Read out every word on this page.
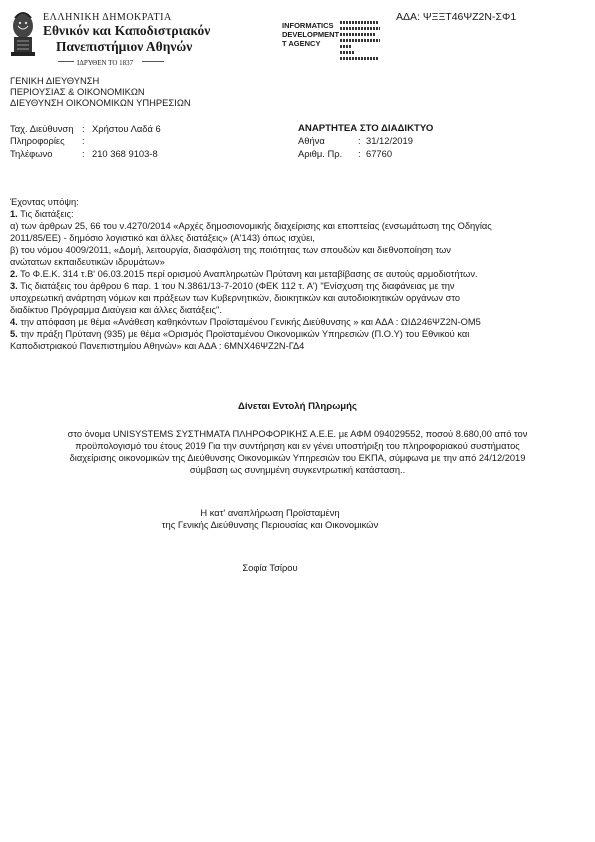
ΕΛΛΗΝΙΚΗ ΔΗΜΟΚΡΑΤΙΑ
Εθνικόν και Καποδιστριακόν
Πανεπιστήμιον Αθηνών
ΙΔΡΥΘΕΝ ΤΟ 1837
INFORMATICS
DEVELOPMENT
T AGENCY
ΑΔΑ: ΨΞΞΤ46ΨΖ2Ν-ΣΦ1
ΓΕΝΙΚΗ ΔΙΕΥΘΥΝΣΗ
ΠΕΡΙΟΥΣΙΑΣ & ΟΙΚΟΝΟΜΙΚΩΝ
ΔΙΕΥΘΥΝΣΗ ΟΙΚΟΝΟΜΙΚΩΝ ΥΠΗΡΕΣΙΩΝ
Ταχ. Διεύθυνση : Χρήστου Λαδά 6
Πληροφορίες :
Τηλέφωνο	: 210 368 9103-8
ΑΝΑΡΤΗΤΕΑ ΣΤΟ ΔΙΑΔΙΚΤΥΟ
Αθήνα	: 31/12/2019
Αριθμ. Πρ. : 67760
Έχοντας υπόψη:
1. Τις διατάξεις:
α) των άρθρων 25, 66 του ν.4270/2014 «Αρχές δημοσιονομικής διαχείρισης και εποπτείας (ενσωμάτωση της Οδηγίας
2011/85/ΕΕ) - δημόσιο λογιστικό και άλλες διατάξεις» (Α'143) όπως ισχύει,
β) του νόμου 4009/2011, «Δομή, λειτουργία, διασφάλιση της ποιότητας των σπουδών και διεθνοποίηση των
ανώτατων εκπαιδευτικών ιδρυμάτων»
2. Το Φ.Ε.Κ. 314 τ.Β' 06.03.2015 περί ορισμού Αναπληρωτών Πρύτανη και μεταβίβασης σε αυτούς αρμοδιοτήτων.
3. Τις διατάξεις του άρθρου 6 παρ. 1 του Ν.3861/13-7-2010 (ΦΕΚ 112 τ. Α') "Ενίσχυση της διαφάνειας με την
υποχρεωτική ανάρτηση νόμων και πράξεων των Κυβερνητικών, διοικητικών και αυτοδιοικητικών οργάνων στο
διαδίκτυο Πρόγραμμα Διαύγεια και άλλες διατάξεις".
4. την απόφαση με θέμα «Ανάθεση καθηκόντων Προϊσταμένου Γενικής Διεύθυνσης » και ΑΔΑ : ΩΙΔ246ΨΖ2Ν-ΟΜ5
5. την πράξη Πρύτανη (935) με θέμα «Ορισμός Προϊσταμένου Οικονομικών Υπηρεσιών (Π.Ο.Υ) του Εθνικού και
Καποδιστριακού Πανεπιστημίου Αθηνών» και ΑΔΑ : 6ΜΝΧ46ΨΖ2Ν-ΓΔ4
Δίνεται Εντολή Πληρωμής
στο όνομα UNISYSTEMS ΣΥΣΤΗΜΑΤΑ ΠΛΗΡΟΦΟΡΙΚΗΣ Α.Ε.Ε. με ΑΦΜ 094029552, ποσού 8.680,00 από τον
προϋπολογισμό του έτους 2019 Για την συντήρηση και εν γένει υποστήριξη του πληροφοριακού συστήματος
διαχείρισης οικονομικών της Διεύθυνσης Οικονομικών Υπηρεσιών του ΕΚΠΑ, σύμφωνα με την από 24/12/2019
σύμβαση ως συνημμένη συγκεντρωτική κατάσταση..
Η κατ' αναπλήρωση Προϊσταμένη
της Γενικής Διεύθυνσης Περιουσίας και Οικονομικών
Σοφία Τσίρου
